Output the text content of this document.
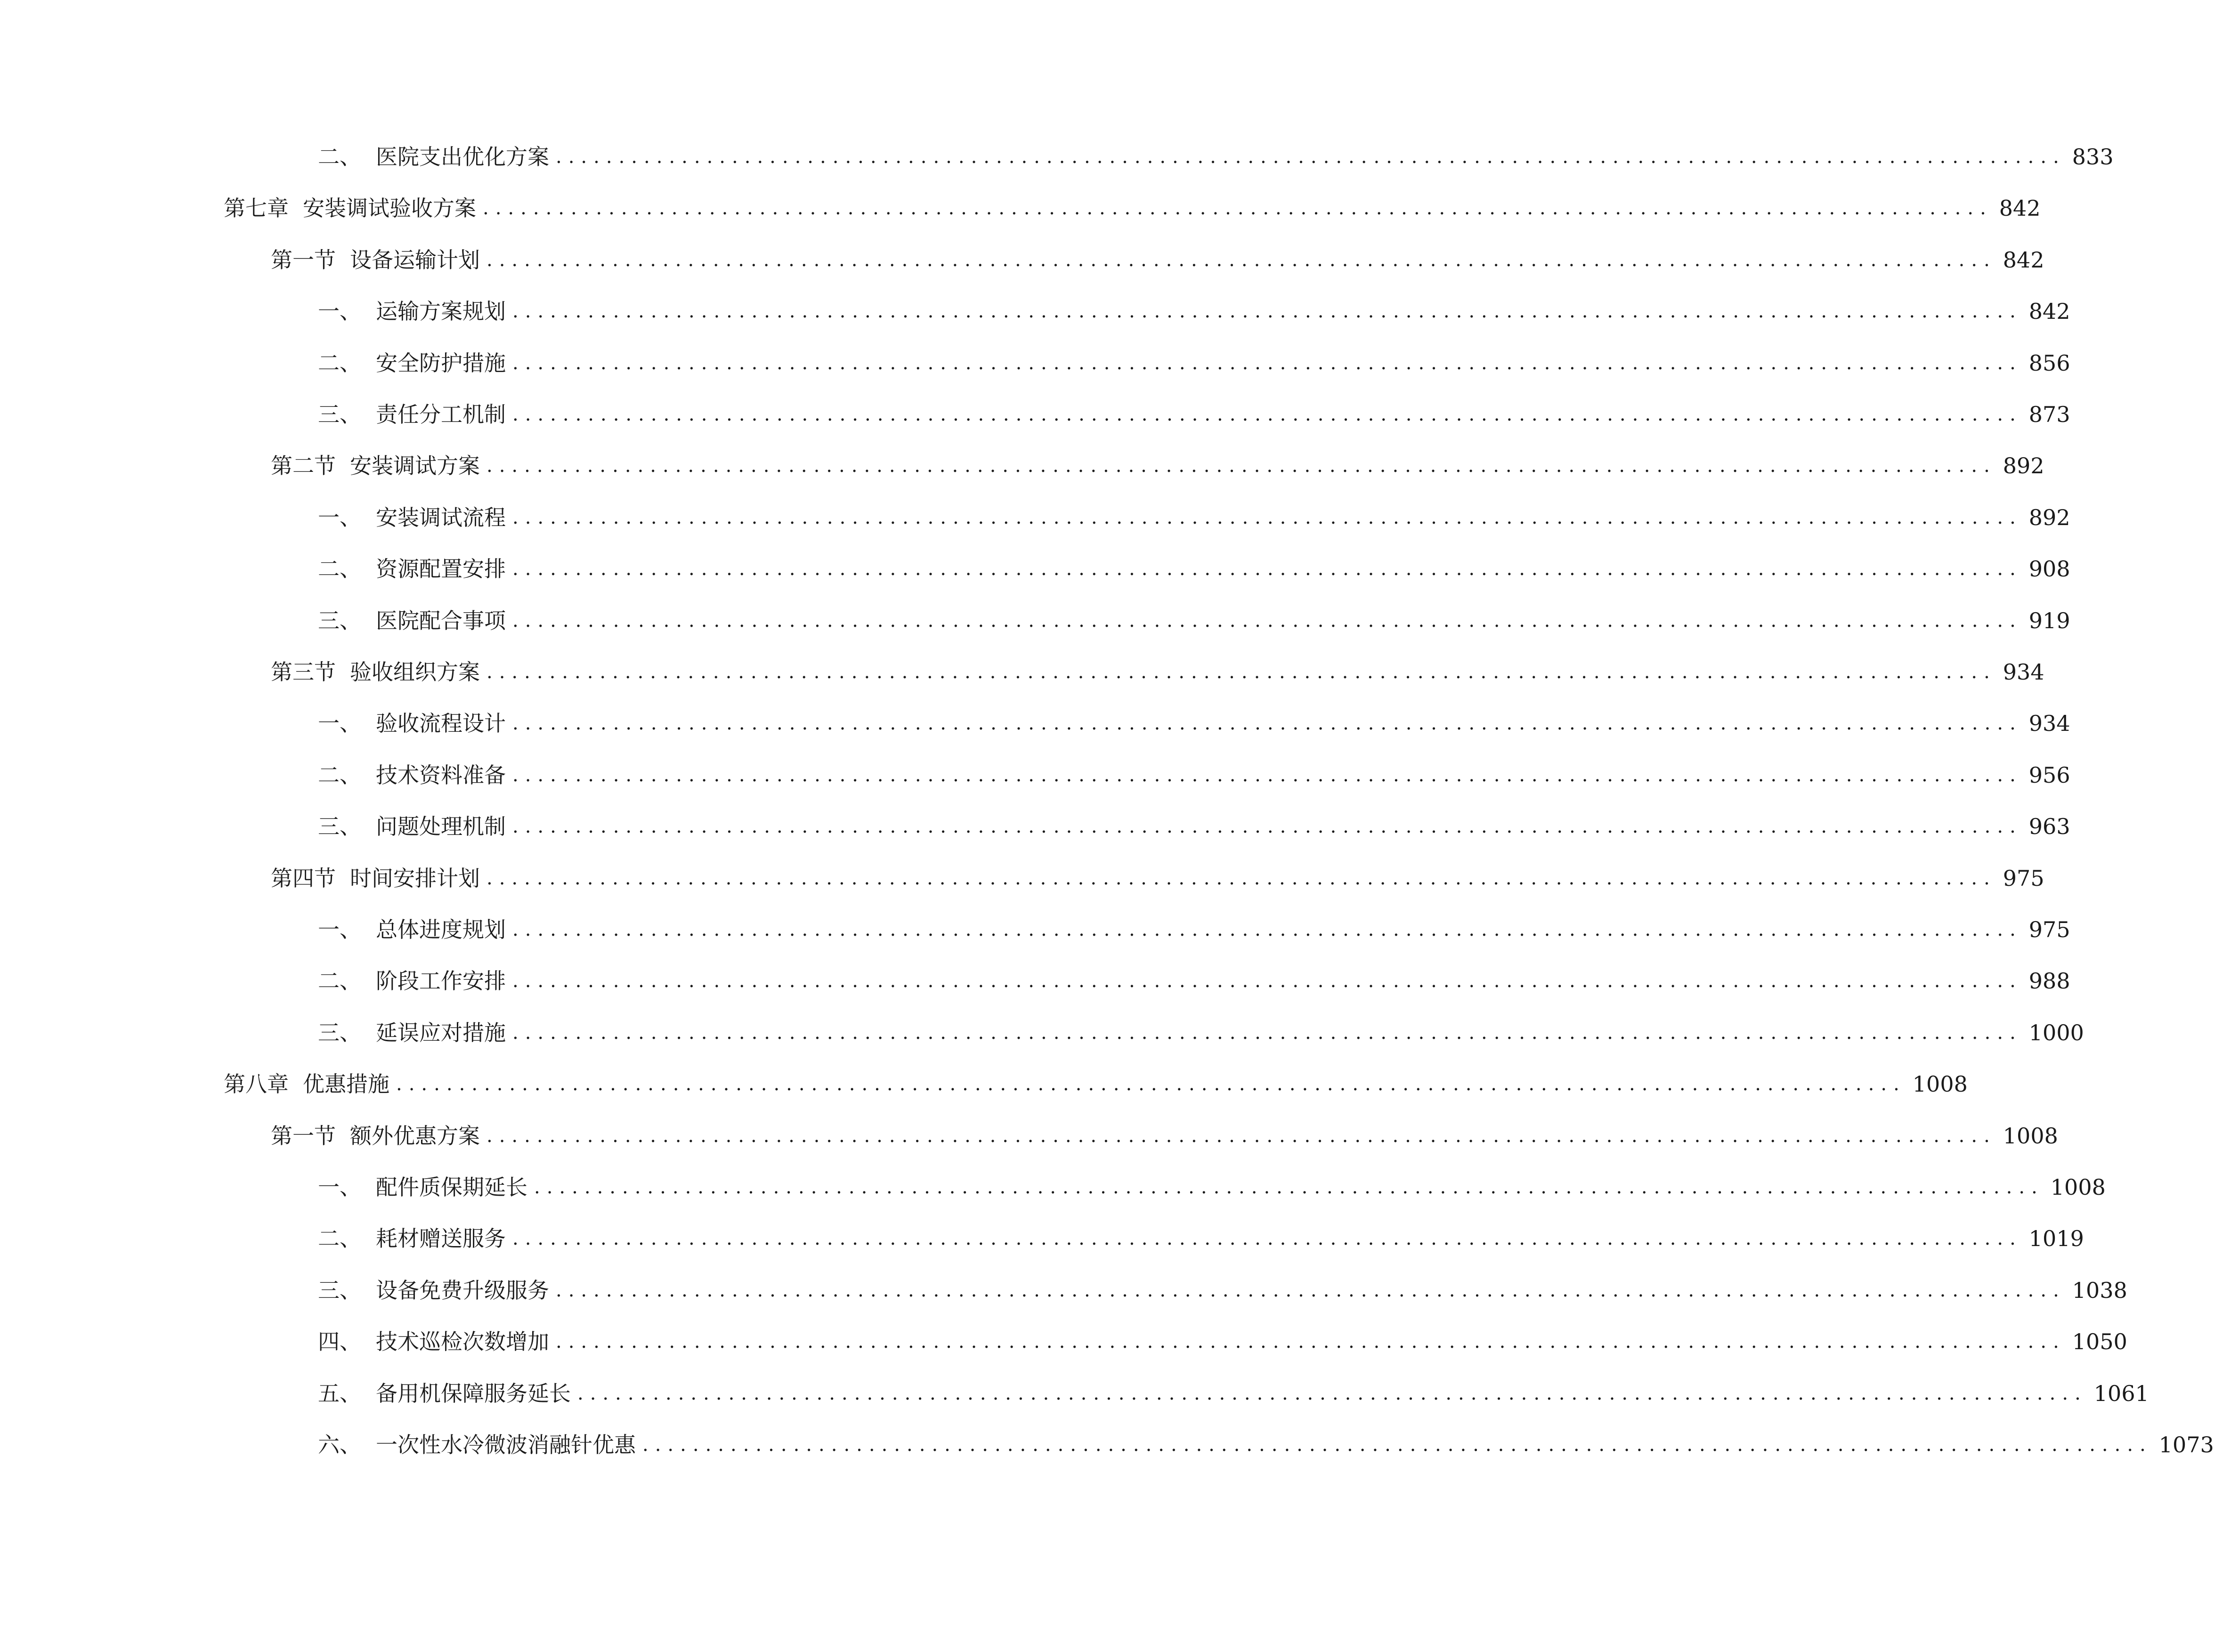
二、 医院支出优化方案 ........................................................................................................................ 833
第七章 安装调试验收方案 ........................................................................................................................ 842
第一节 设备运输计划 ........................................................................................................................ 842
一、 运输方案规划 ........................................................................................................................ 842
二、 安全防护措施 ........................................................................................................................ 856
三、 责任分工机制 ........................................................................................................................ 873
第二节 安装调试方案 ........................................................................................................................ 892
一、 安装调试流程 ........................................................................................................................ 892
二、 资源配置安排 ........................................................................................................................ 908
三、 医院配合事项 ........................................................................................................................ 919
第三节 验收组织方案 ........................................................................................................................ 934
一、 验收流程设计 ........................................................................................................................ 934
二、 技术资料准备 ........................................................................................................................ 956
三、 问题处理机制 ........................................................................................................................ 963
第四节 时间安排计划 ........................................................................................................................ 975
一、 总体进度规划 ........................................................................................................................ 975
二、 阶段工作安排 ........................................................................................................................ 988
三、 延误应对措施 ........................................................................................................................ 1000
第八章 优惠措施 ........................................................................................................................ 1008
第一节 额外优惠方案 ........................................................................................................................ 1008
一、 配件质保期延长 ........................................................................................................................ 1008
二、 耗材赠送服务 ........................................................................................................................ 1019
三、 设备免费升级服务 ........................................................................................................................ 1038
四、 技术巡检次数增加 ........................................................................................................................ 1050
五、 备用机保障服务延长 ........................................................................................................................ 1061
六、 一次性水冷微波消融针优惠 ........................................................................................................................ 1073
